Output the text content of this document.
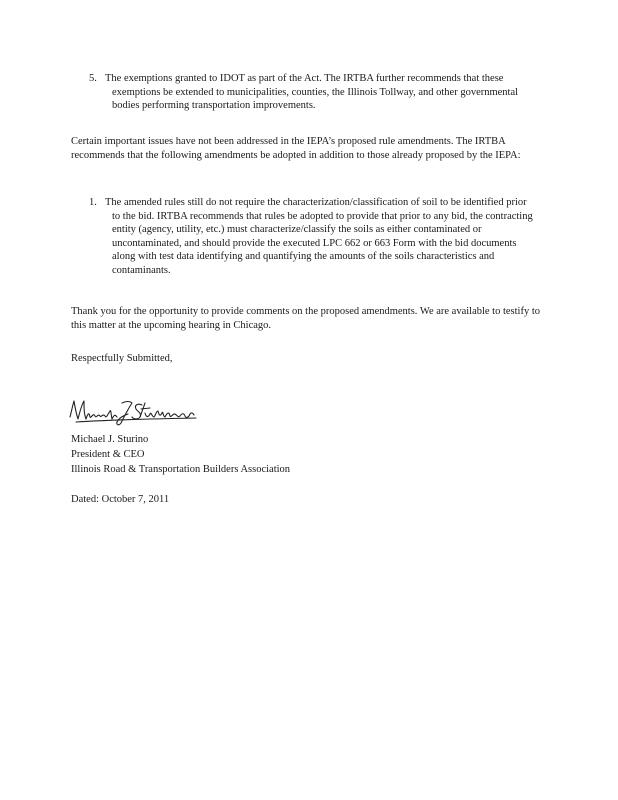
5. The exemptions granted to IDOT as part of the Act. The IRTBA further recommends that these exemptions be extended to municipalities, counties, the Illinois Tollway, and other governmental bodies performing transportation improvements.
Certain important issues have not been addressed in the IEPA’s proposed rule amendments. The IRTBA recommends that the following amendments be adopted in addition to those already proposed by the IEPA:
1. The amended rules still do not require the characterization/classification of soil to be identified prior to the bid. IRTBA recommends that rules be adopted to provide that prior to any bid, the contracting entity (agency, utility, etc.) must characterize/classify the soils as either contaminated or uncontaminated, and should provide the executed LPC 662 or 663 Form with the bid documents along with test data identifying and quantifying the amounts of the soils characteristics and contaminants.
Thank you for the opportunity to provide comments on the proposed amendments. We are available to testify to this matter at the upcoming hearing in Chicago.
Respectfully Submitted,
Michael J. Sturino
President & CEO
Illinois Road & Transportation Builders Association
Dated: October 7, 2011
